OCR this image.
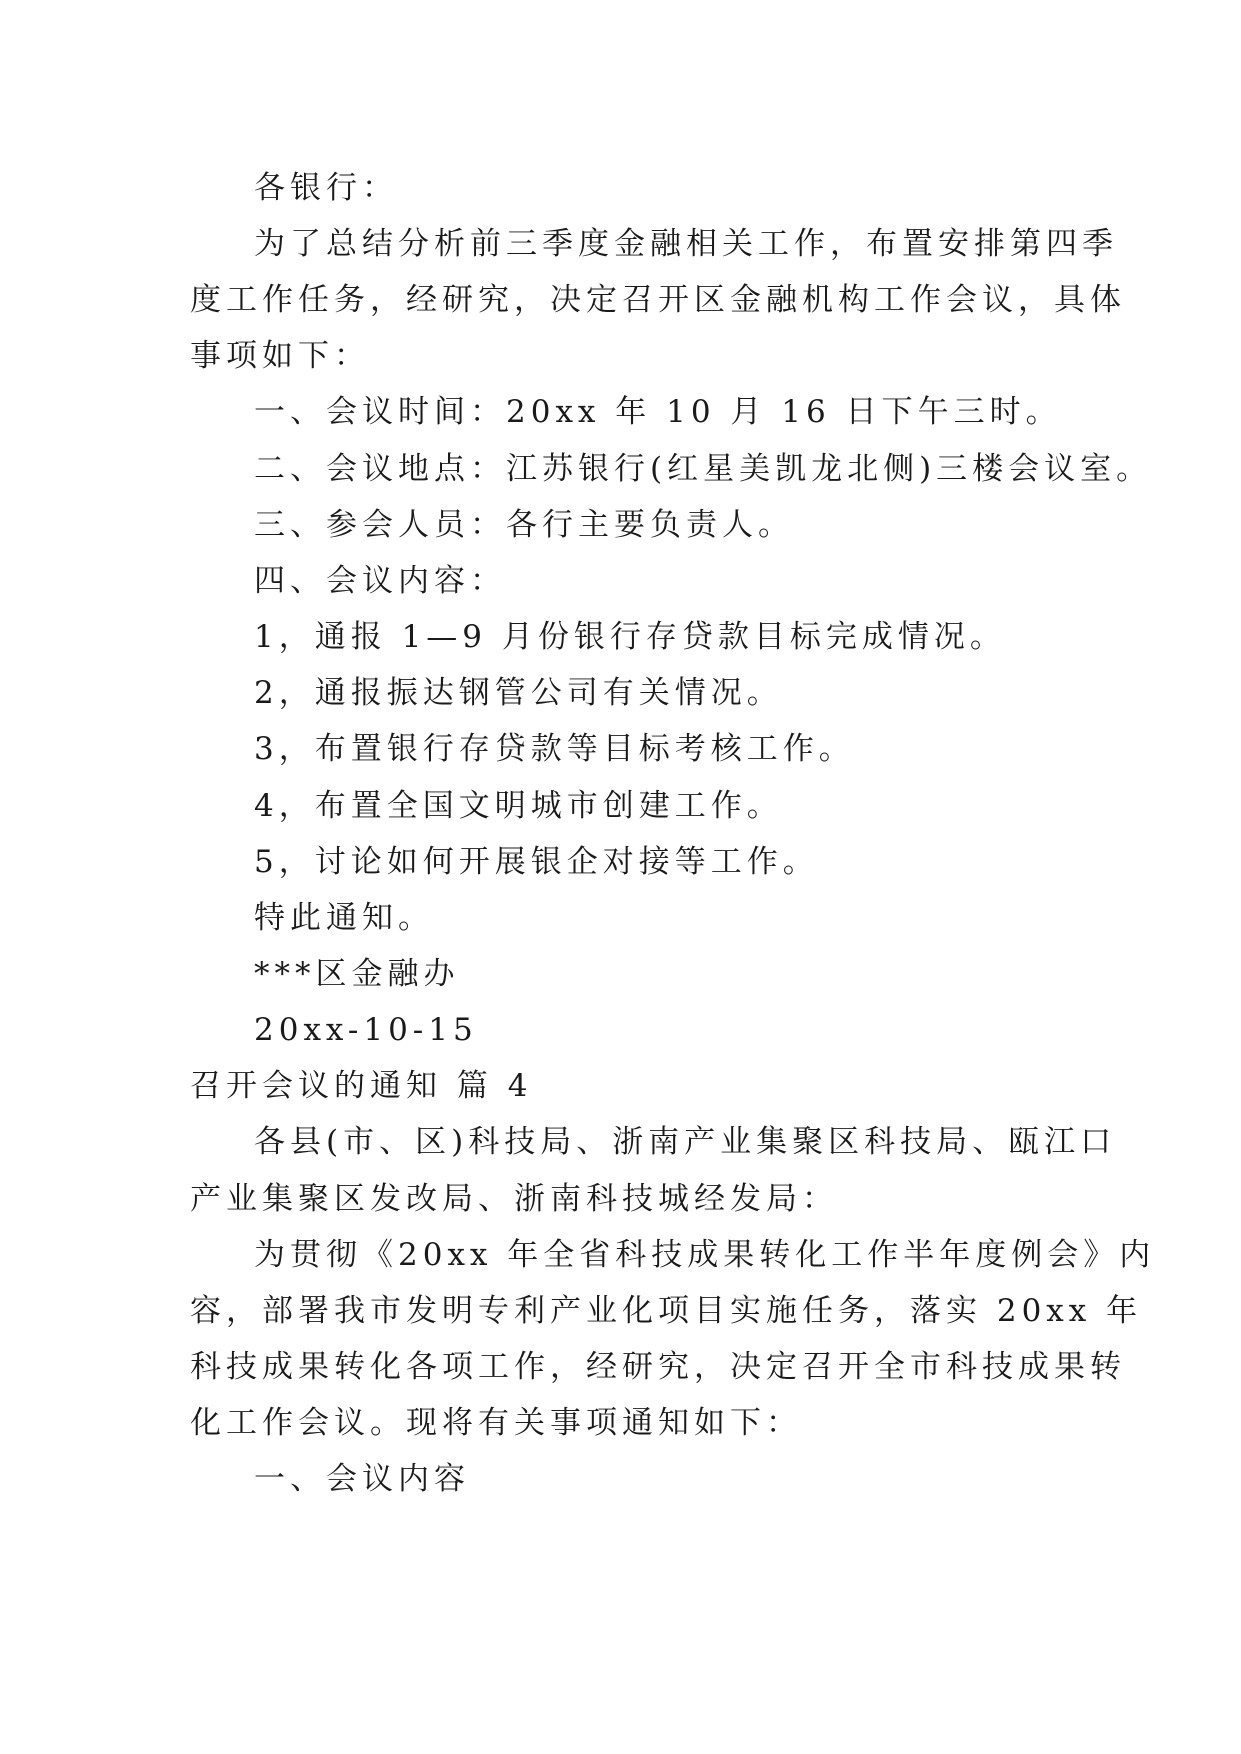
各银行：
为了总结分析前三季度金融相关工作，布置安排第四季
度工作任务，经研究，决定召开区金融机构工作会议，具体
事项如下：
一、会议时间：20xx 年 10 月 16 日下午三时。
二、会议地点：江苏银行(红星美凯龙北侧)三楼会议室。
三、参会人员：各行主要负责人。
四、会议内容：
1，通报 1—9 月份银行存贷款目标完成情况。
2，通报振达钢管公司有关情况。
3，布置银行存贷款等目标考核工作。
4，布置全国文明城市创建工作。
5，讨论如何开展银企对接等工作。
特此通知。
***区金融办
20xx-10-15
召开会议的通知 篇 4
各县(市、区)科技局、浙南产业集聚区科技局、瓯江口
产业集聚区发改局、浙南科技城经发局：
为贯彻《20xx 年全省科技成果转化工作半年度例会》内
容，部署我市发明专利产业化项目实施任务，落实 20xx 年
科技成果转化各项工作，经研究，决定召开全市科技成果转
化工作会议。现将有关事项通知如下：
一、会议内容
